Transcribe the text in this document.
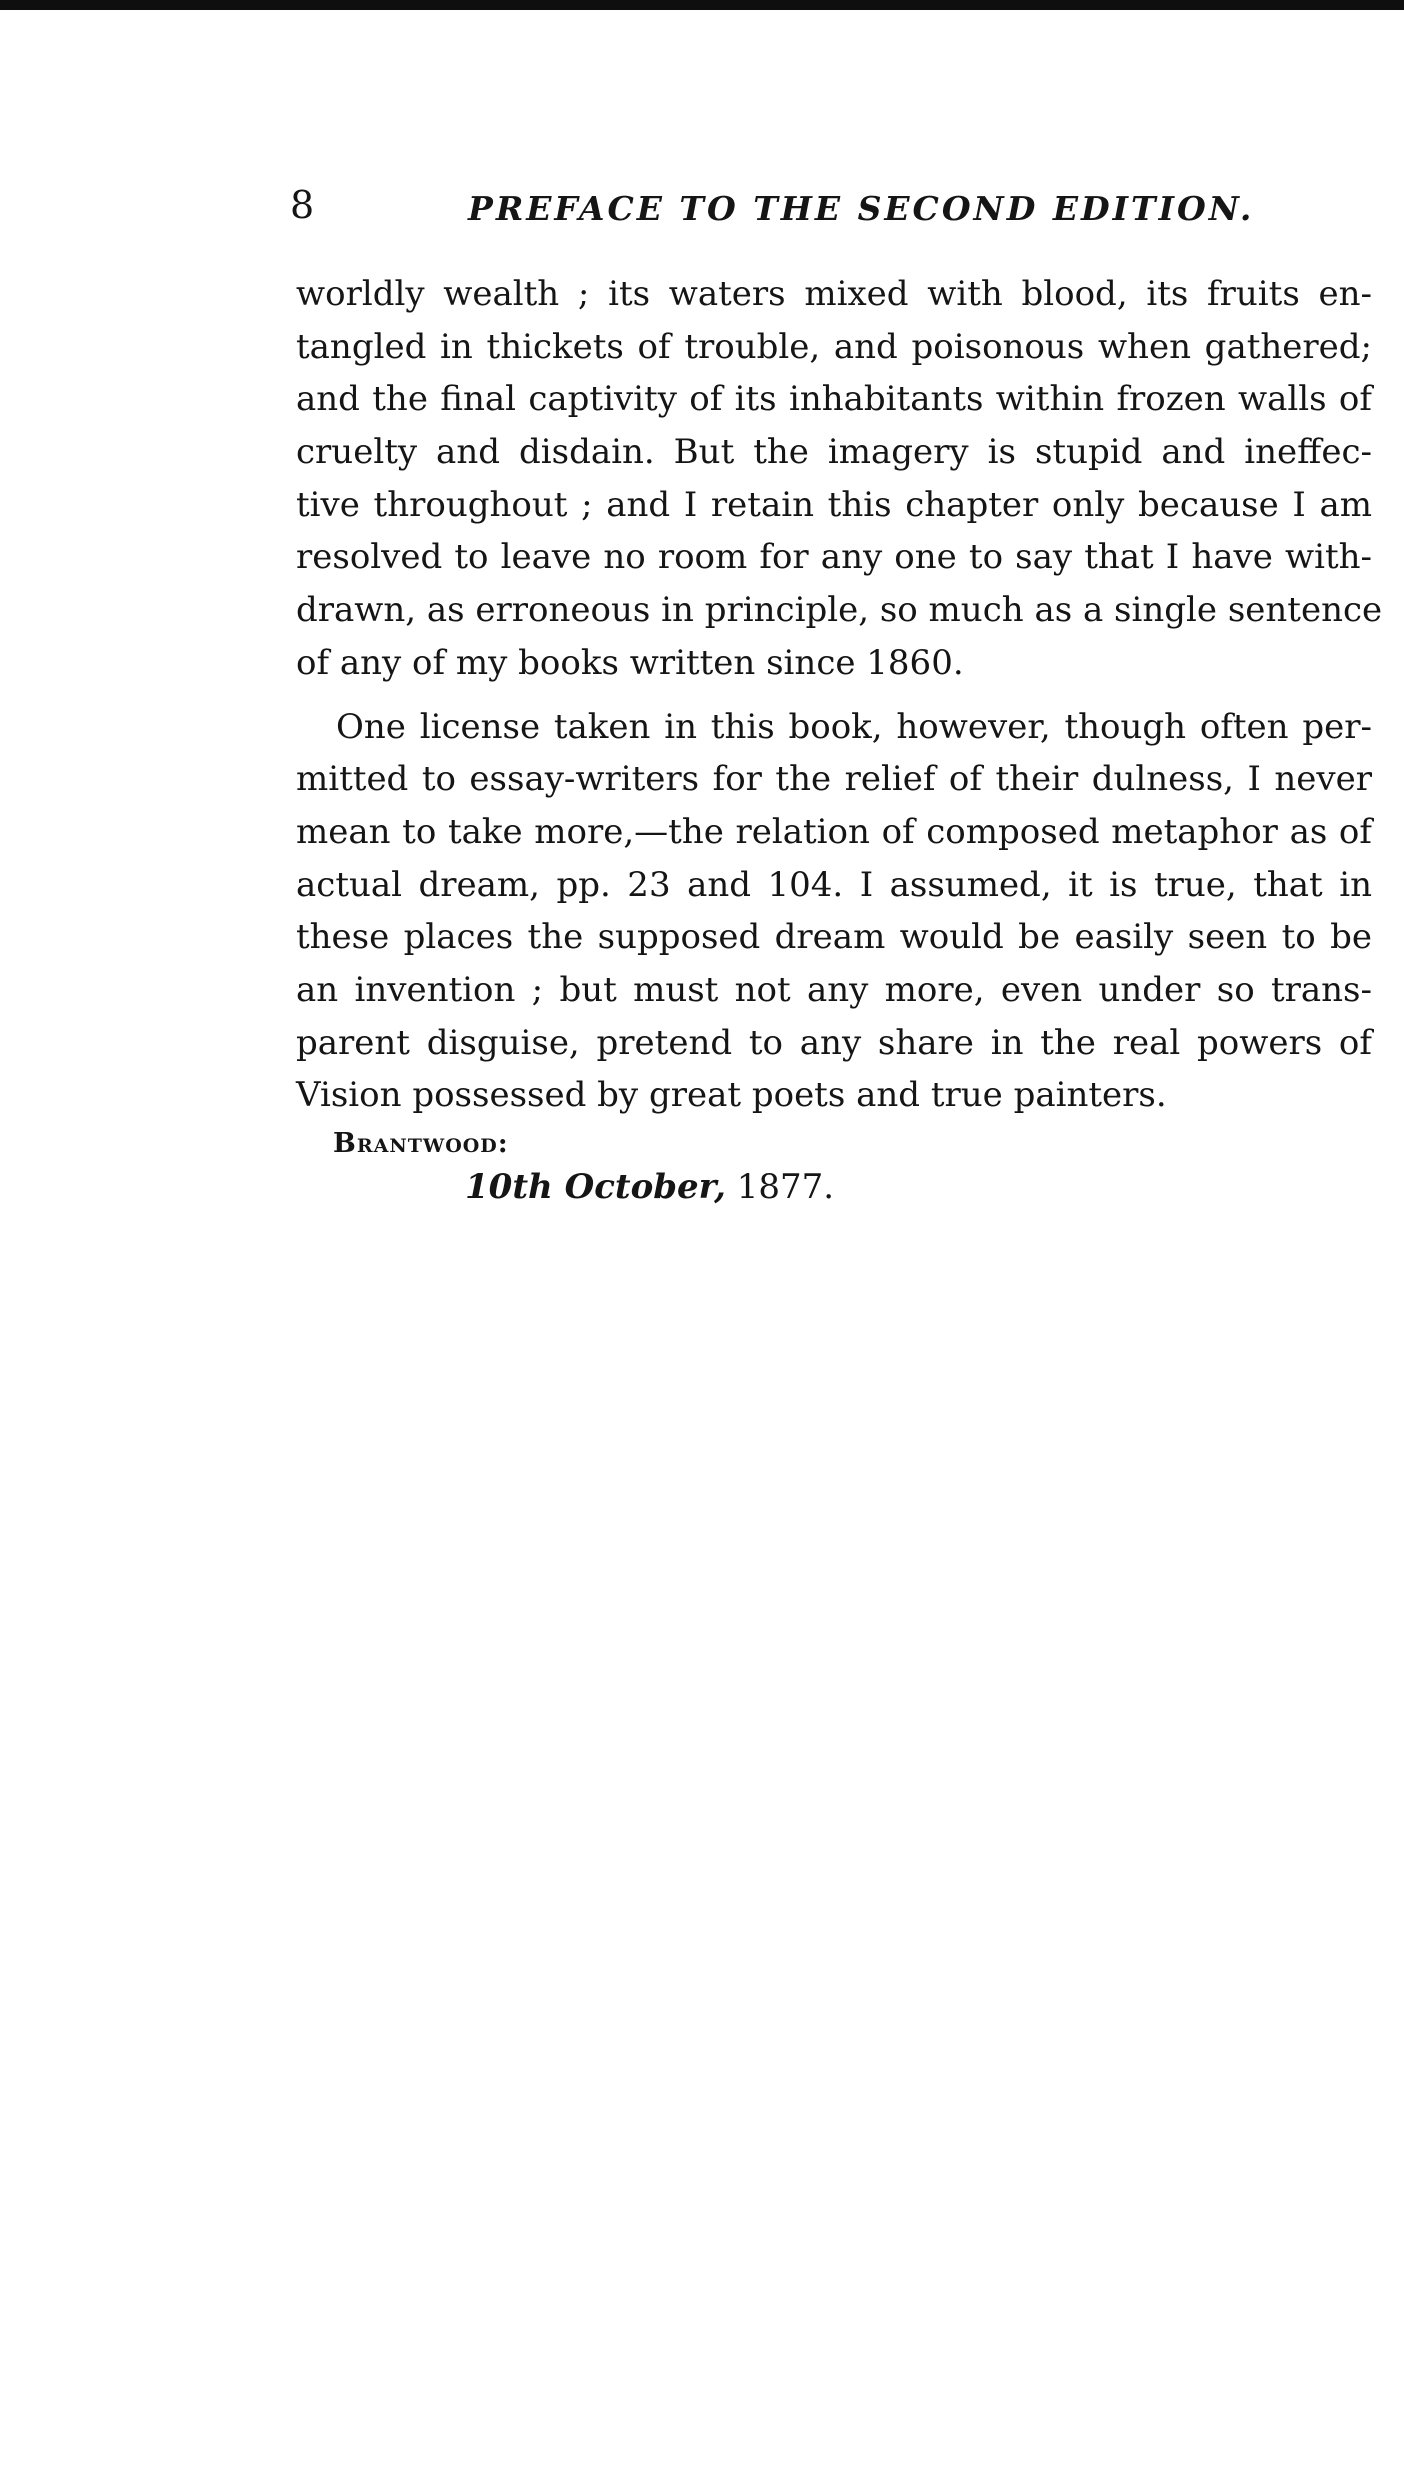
8	PREFACE TO THE SECOND EDITION.
worldly wealth ; its waters mixed with blood, its fruits en-
tangled in thickets of trouble, and poisonous when gathered;
and the final captivity of its inhabitants within frozen walls of
cruelty and disdain. But the imagery is stupid and ineffec-
tive throughout ; and I retain this chapter only because I am
resolved to leave no room for any one to say that I have with-
drawn, as erroneous in principle, so much as a single sentence
of any of my books written since 1860.
One license taken in this book, however, though often per-
mitted to essay-writers for the relief of their dulness, I never
mean to take more,—the relation of composed metaphor as of
actual dream, pp. 23 and 104. I assumed, it is true, that in
these places the supposed dream would be easily seen to be
an invention ; but must not any more, even under so trans-
parent disguise, pretend to any share in the real powers of
Vision possessed by great poets and true painters.
Brantwood:
10th October, 1877.
